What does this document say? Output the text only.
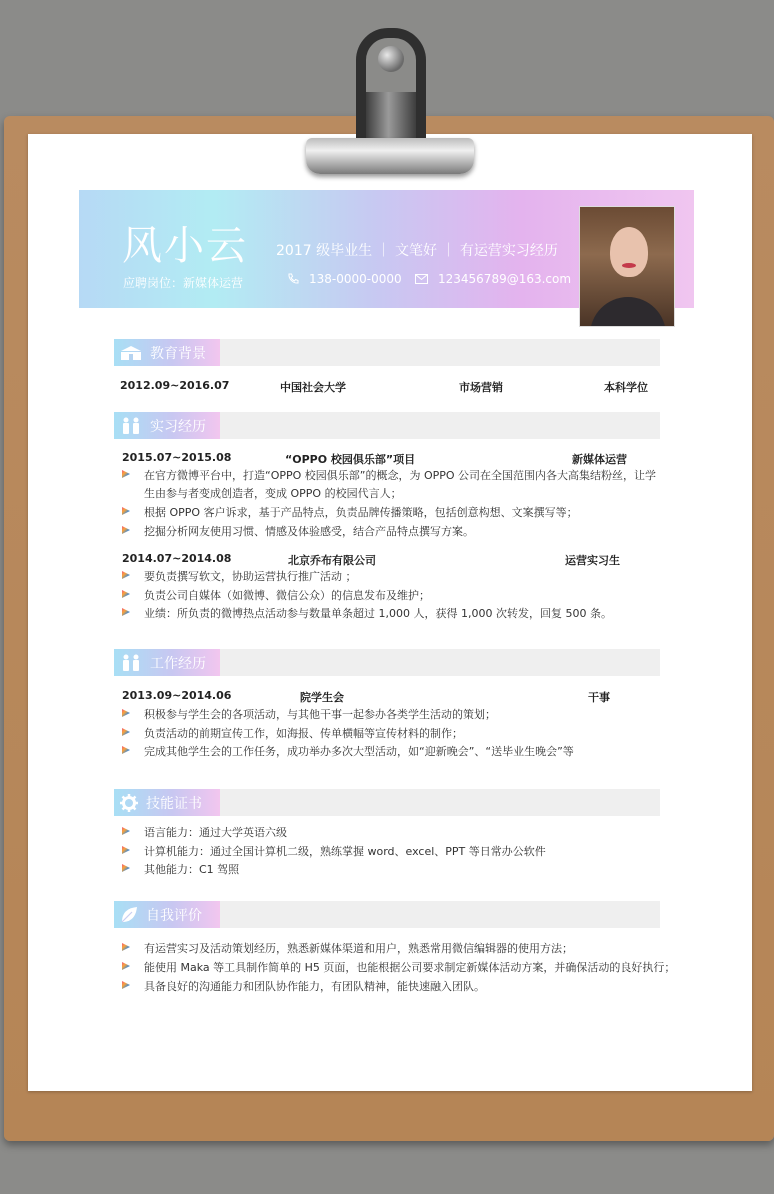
风小云 2017 级毕业生 ｜ 文笔好 ｜ 有运营实习经历
应聘岗位：新媒体运营	138-0000-0000	123456789@163.com
教育背景
2012.09~2016.07	中国社会大学	市场营销	本科学位
实习经历
2015.07~2015.08	“OPPO 校园俱乐部”项目	新媒体运营
在官方微博平台中，打造“OPPO 校园俱乐部”的概念，为 OPPO 公司在全国范围内各大高集结粉丝，让学
生由参与者变成创造者，变成 OPPO 的校园代言人；
根据 OPPO 客户诉求，基于产品特点，负责品牌传播策略，包括创意构想、文案撰写等；
挖掘分析网友使用习惯、情感及体验感受，结合产品特点撰写方案。
2014.07~2014.08	北京乔布有限公司	运营实习生
要负责撰写软文，协助运营执行推广活动 ；
负责公司自媒体（如微博、微信公众）的信息发布及维护；
业绩：所负责的微博热点活动参与数量单条超过 1,000 人，获得 1,000 次转发，回复 500 条。
工作经历
2013.09~2014.06	院学生会	干事
积极参与学生会的各项活动，与其他干事一起参办各类学生活动的策划；
负责活动的前期宣传工作，如海报、传单横幅等宣传材料的制作；
完成其他学生会的工作任务，成功举办多次大型活动，如“迎新晚会”、“送毕业生晚会”等
技能证书
语言能力：通过大学英语六级
计算机能力：通过全国计算机二级，熟练掌握 word、excel、PPT 等日常办公软件
其他能力：C1 驾照
自我评价
有运营实习及活动策划经历，熟悉新媒体渠道和用户，熟悉常用微信编辑器的使用方法；
能使用 Maka 等工具制作简单的 H5 页面，也能根据公司要求制定新媒体活动方案，并确保活动的良好执行；
具备良好的沟通能力和团队协作能力，有团队精神，能快速融入团队。
